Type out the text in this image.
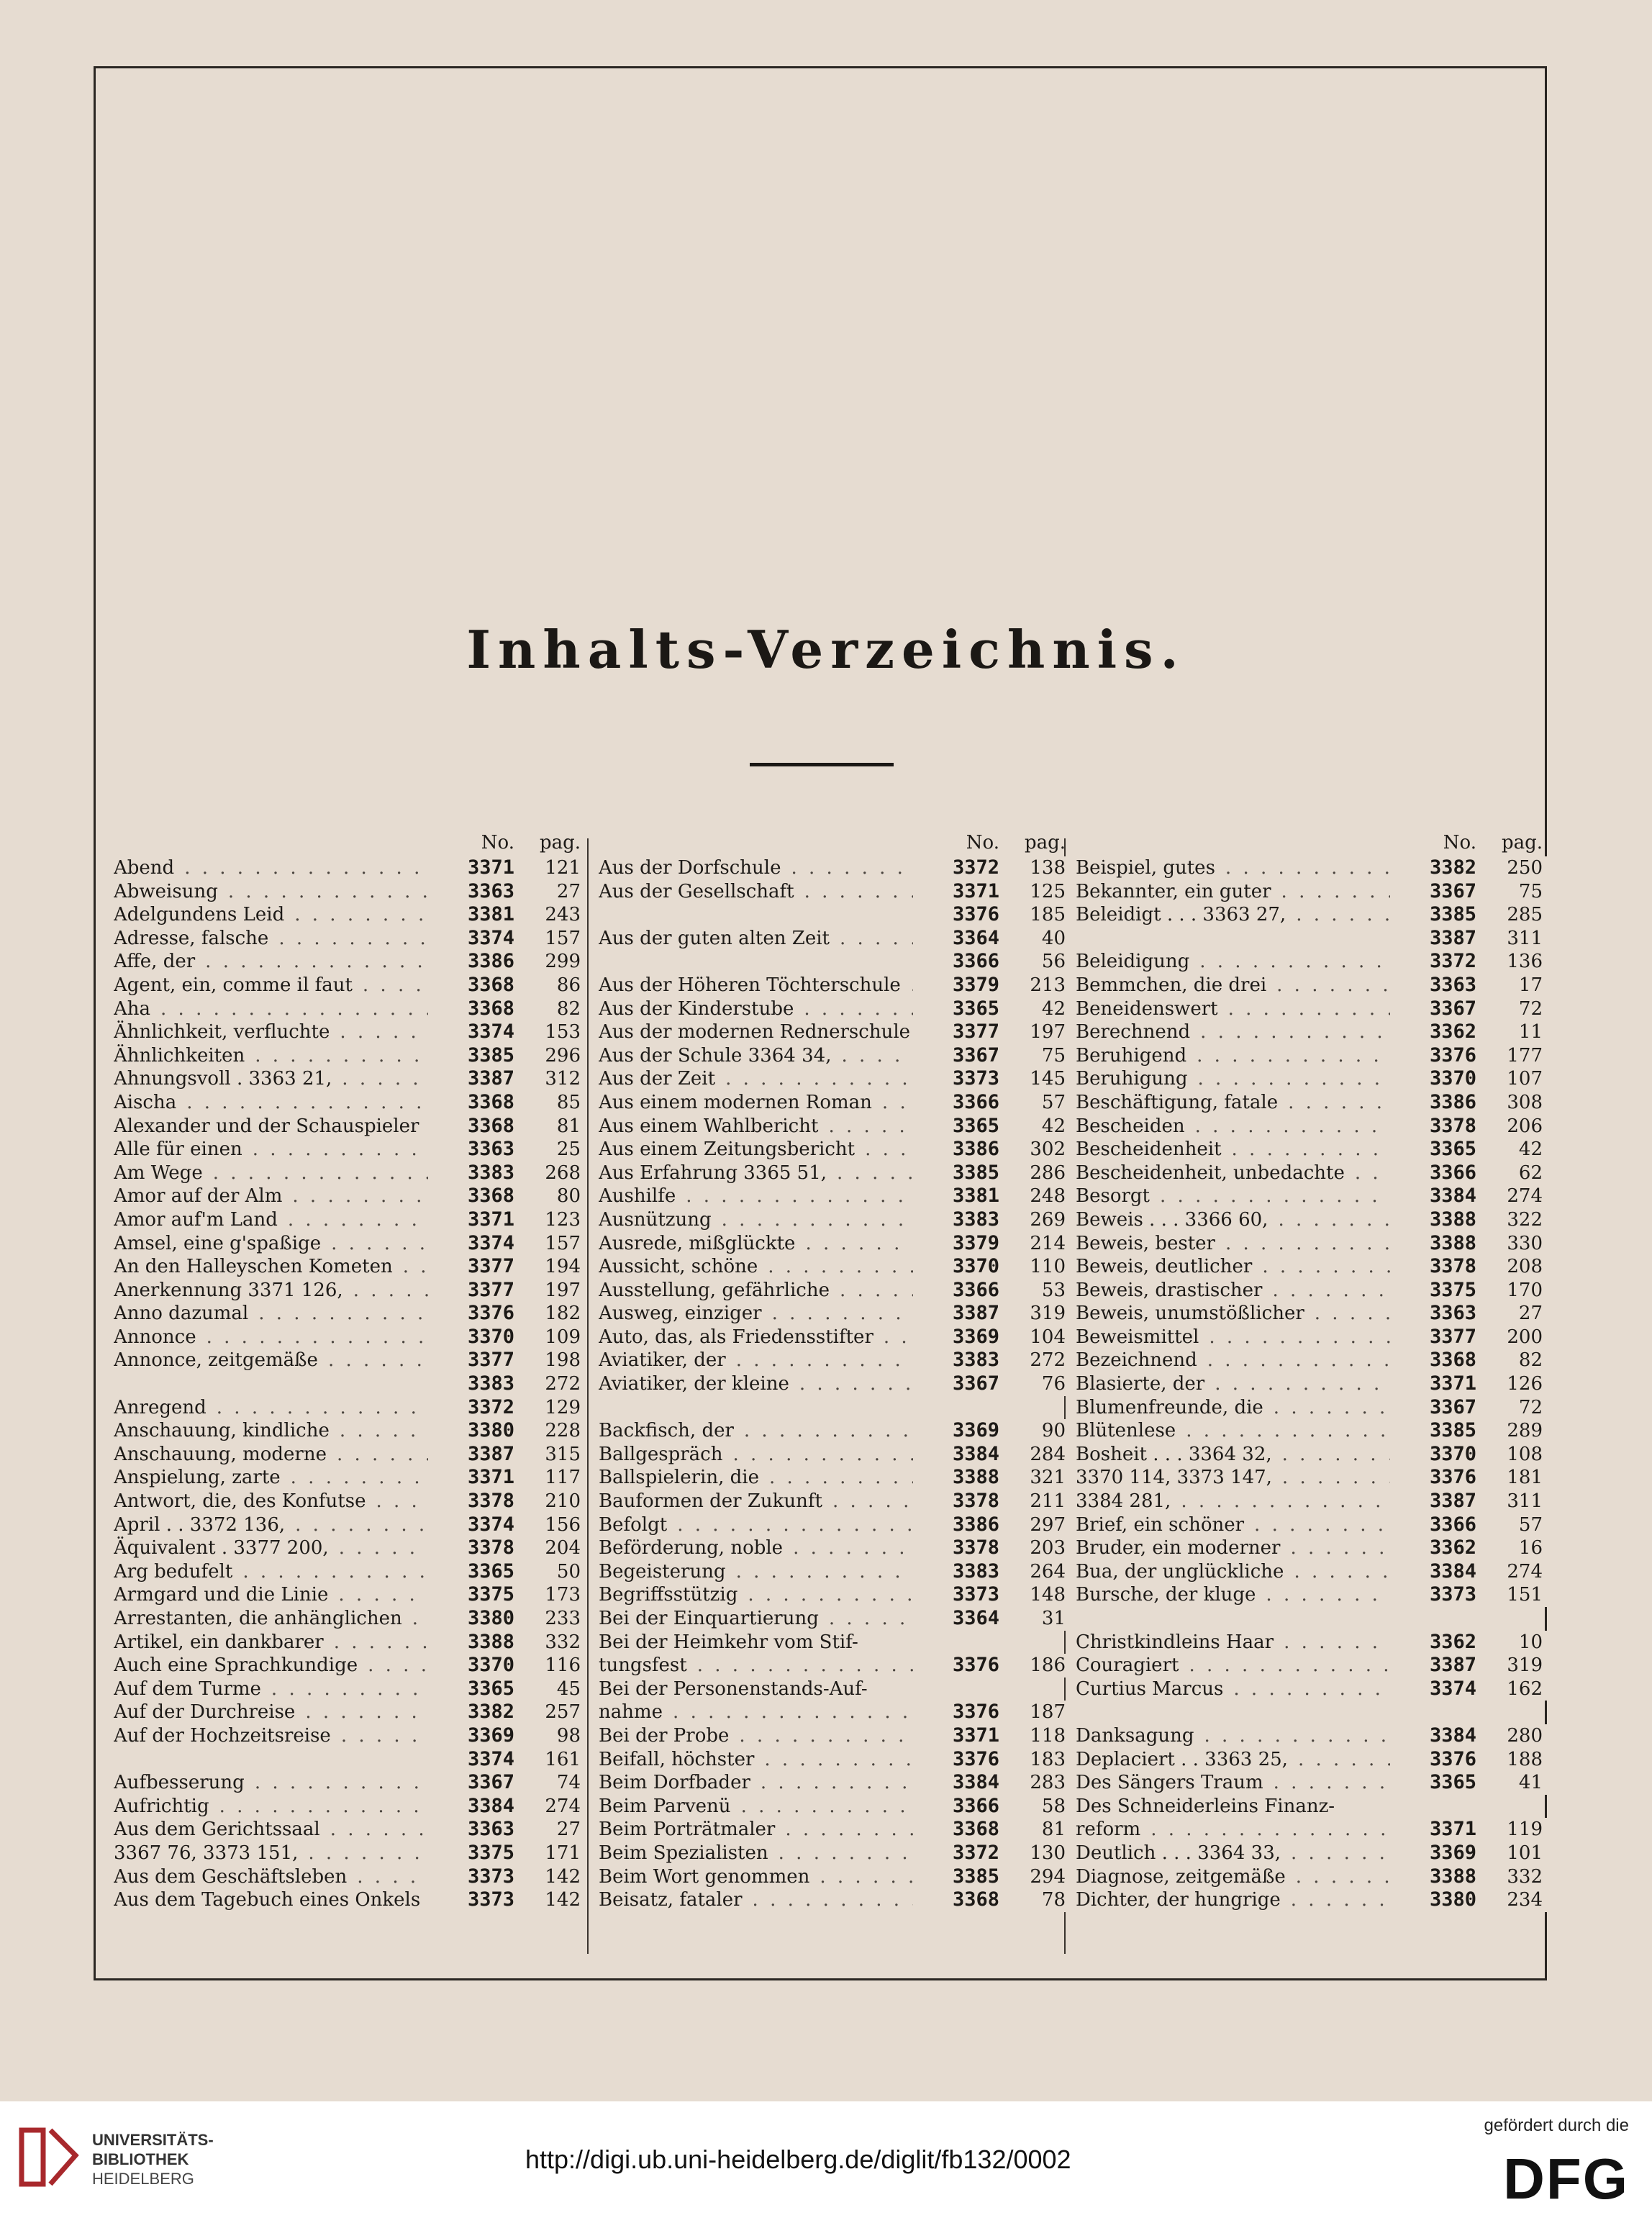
Inhalts-Verzeichnis.
No.	pag.
Abend . . .	3371	121
Abweisung . . .	3363	27
Adelgundens Leid . . .	3381	243
Adresse, falsche . . .	3374	157
Affe, der . . .	3386	299
Agent, ein, comme il faut . . .	3368	86
Aha . . .	3368	82
Ähnlichkeit, verfluchte . . .	3374	153
Ähnlichkeiten . . .	3385	296
Ahnungsvoll . 3363 21, . . .	3387	312
Aischa . . .	3368	85
Alexander und der Schauspieler . . .	3368	81
Alle für einen . . .	3363	25
Am Wege . . .	3383	268
Amor auf der Alm . . .	3368	80
Amor auf'm Land . . .	3371	123
Amsel, eine g'spaßige . . .	3374	157
An den Halleyschen Kometen . . .	3377	194
Anerkennung 3371 126, . . .	3377	197
Anno dazumal . . .	3376	182
Annonce . . .	3370	109
Annonce, zeitgemäße . . .	3377	198
3383	272
Anregend . . .	3372	129
Anschauung, kindliche . . .	3380	228
Anschauung, moderne . . .	3387	315
Anspielung, zarte . . .	3371	117
Antwort, die, des Konfutse . . .	3378	210
April . . 3372 136, . . .	3374	156
Äquivalent . 3377 200, . . .	3378	204
Arg bedufelt . . .	3365	50
Armgard und die Linie . . .	3375	173
Arrestanten, die anhänglichen . . .	3380	233
Artikel, ein dankbarer . . .	3388	332
Auch eine Sprachkundige . . .	3370	116
Auf dem Turme . . .	3365	45
Auf der Durchreise . . .	3382	257
Auf der Hochzeitsreise . . .	3369	98
3374	161
Aufbesserung . . .	3367	74
Aufrichtig . . .	3384	274
Aus dem Gerichtssaal . . .	3363	27
3367 76, 3373 151, . . .	3375	171
Aus dem Geschäftsleben . . .	3373	142
Aus dem Tagebuch eines Onkels . . .	3373	142
No.	pag.
Aus der Dorfschule . . .	3372	138
Aus der Gesellschaft . . .	3371	125
3376	185
Aus der guten alten Zeit . . .	3364	40
3366	56
Aus der Höheren Töchterschule . . .	3379	213
Aus der Kinderstube . . .	3365	42
Aus der modernen Rednerschule . . .	3377	197
Aus der Schule 3364 34, . . .	3367	75
Aus der Zeit . . .	3373	145
Aus einem modernen Roman . . .	3366	57
Aus einem Wahlbericht . . .	3365	42
Aus einem Zeitungsbericht . . .	3386	302
Aus Erfahrung 3365 51, . . .	3385	286
Aushilfe . . .	3381	248
Ausnützung . . .	3383	269
Ausrede, mißglückte . . .	3379	214
Aussicht, schöne . . .	3370	110
Ausstellung, gefährliche . . .	3366	53
Ausweg, einziger . . .	3387	319
Auto, das, als Friedensstifter . . .	3369	104
Aviatiker, der . . .	3383	272
Aviatiker, der kleine . . .	3367	76
Backfisch, der . . .	3369	90
Ballgespräch . . .	3384	284
Ballspielerin, die . . .	3388	321
Bauformen der Zukunft . . .	3378	211
Befolgt . . .	3386	297
Beförderung, noble . . .	3378	203
Begeisterung . . .	3383	264
Begriffsstützig . . .	3373	148
Bei der Einquartierung . . .	3364	31
Bei der Heimkehr vom Stif-
tungsfest . . .	3376	186
Bei der Personenstands-Auf-
nahme . . .	3376	187
Bei der Probe . . .	3371	118
Beifall, höchster . . .	3376	183
Beim Dorfbader . . .	3384	283
Beim Parvenü . . .	3366	58
Beim Porträtmaler . . .	3368	81
Beim Spezialisten . . .	3372	130
Beim Wort genommen . . .	3385	294
Beisatz, fataler . . .	3368	78
No.	pag.
Beispiel, gutes . . .	3382	250
Bekannter, ein guter . . .	3367	75
Beleidigt . . . 3363 27, . . .	3385	285
3387	311
Beleidigung . . .	3372	136
Bemmchen, die drei . . .	3363	17
Beneidenswert . . .	3367	72
Berechnend . . .	3362	11
Beruhigend . . .	3376	177
Beruhigung . . .	3370	107
Beschäftigung, fatale . . .	3386	308
Bescheiden . . .	3378	206
Bescheidenheit . . .	3365	42
Bescheidenheit, unbedachte . . .	3366	62
Besorgt . . .	3384	274
Beweis . . . 3366 60, . . .	3388	322
Beweis, bester . . .	3388	330
Beweis, deutlicher . . .	3378	208
Beweis, drastischer . . .	3375	170
Beweis, unumstößlicher . . .	3363	27
Beweismittel . . .	3377	200
Bezeichnend . . .	3368	82
Blasierte, der . . .	3371	126
Blumenfreunde, die . . .	3367	72
Blütenlese . . .	3385	289
Bosheit . . . 3364 32, . . .	3370	108
3370 114, 3373 147, . . .	3376	181
3384 281, . . .	3387	311
Brief, ein schöner . . .	3366	57
Bruder, ein moderner . . .	3362	16
Bua, der unglückliche . . .	3384	274
Bursche, der kluge . . .	3373	151
Christkindleins Haar . . .	3362	10
Couragiert . . .	3387	319
Curtius Marcus . . .	3374	162
Danksagung . . .	3384	280
Deplaciert . . 3363 25, . . .	3376	188
Des Sängers Traum . . .	3365	41
Des Schneiderleins Finanz-
reform . . .	3371	119
Deutlich . . . 3364 33, . . .	3369	101
Diagnose, zeitgemäße . . .	3388	332
Dichter, der hungrige . . .	3380	234
UNIVERSITÄTS-
BIBLIOTHEK
HEIDELBERG
http://digi.ub.uni-heidelberg.de/diglit/fb132/0002
gefördert durch die
DFG
